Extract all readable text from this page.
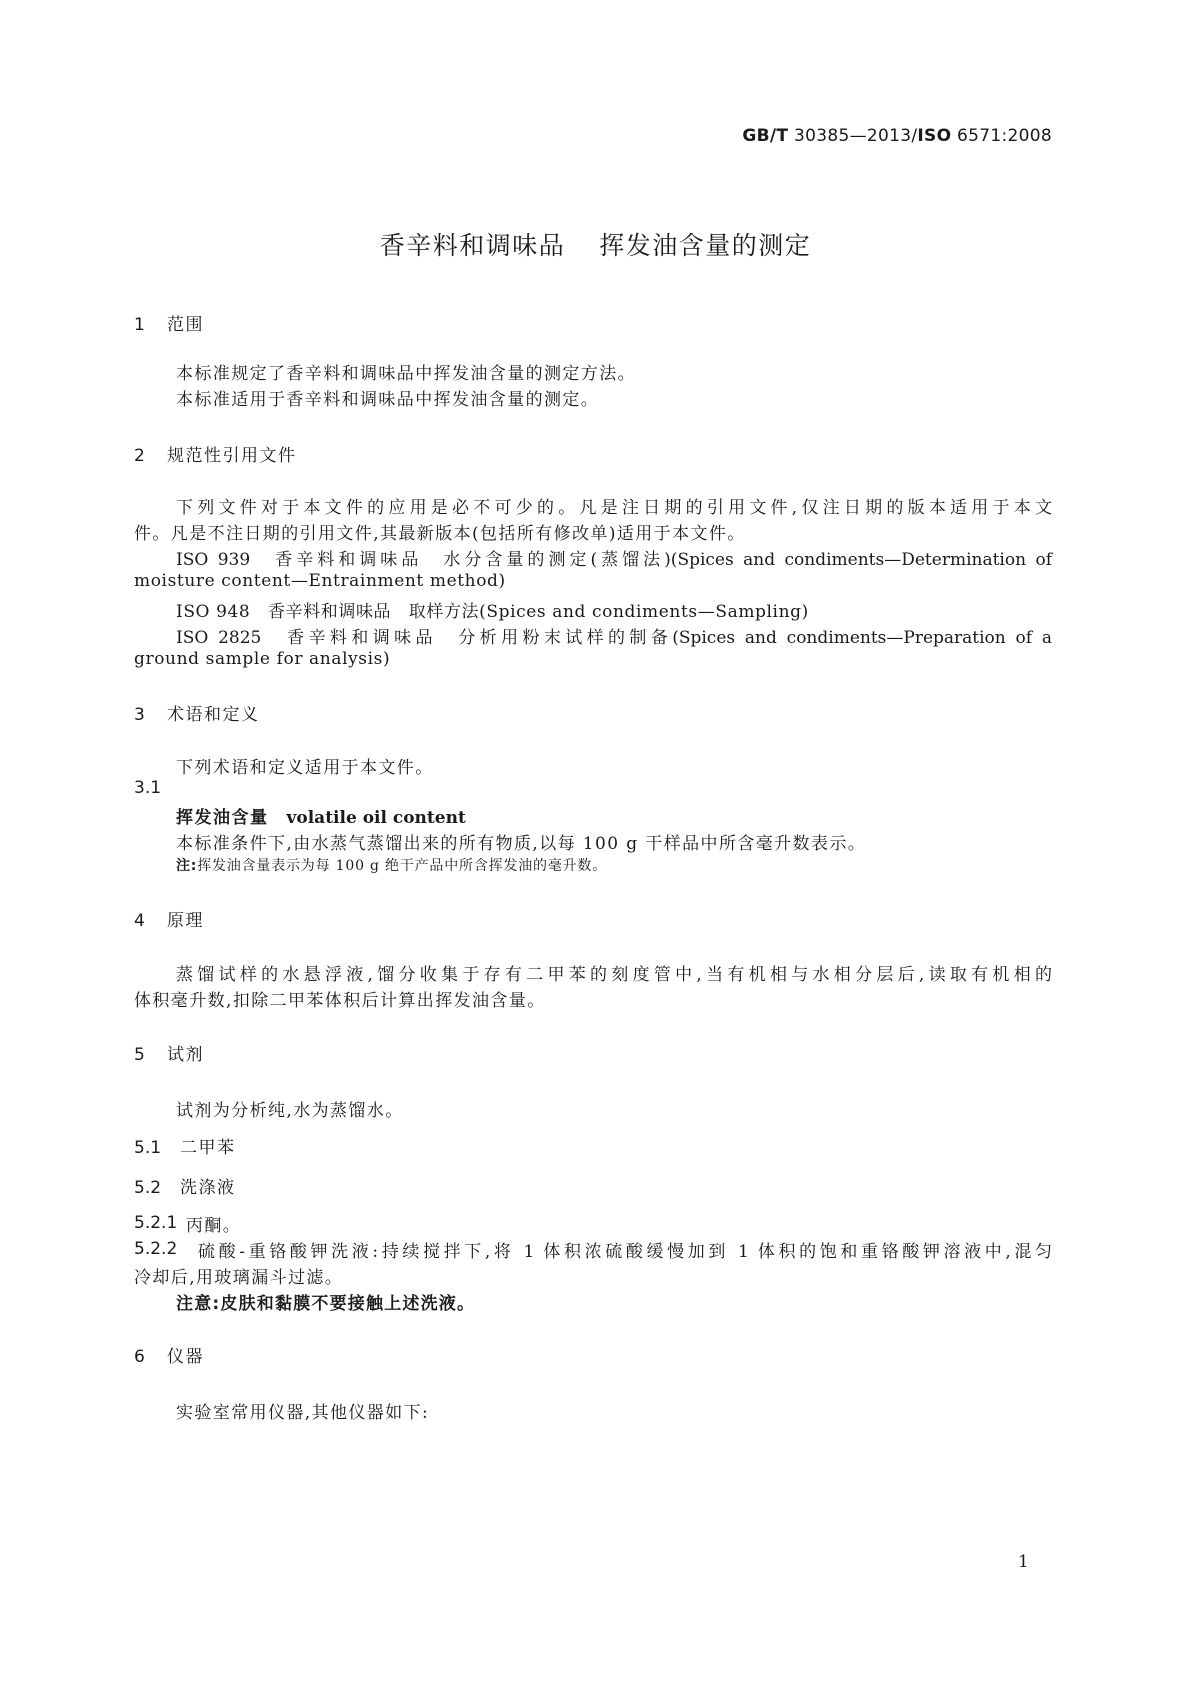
GB/T 30385—2013/ISO 6571:2008
香辛料和调味品 挥发油含量的测定
1 范围
本标准规定了香辛料和调味品中挥发油含量的测定方法。
本标准适用于香辛料和调味品中挥发油含量的测定。
2 规范性引用文件
下列文件对于本文件的应用是必不可少的。凡是注日期的引用文件,仅注日期的版本适用于本文
件。凡是不注日期的引用文件,其最新版本(包括所有修改单)适用于本文件。
ISO 939　香辛料和调味品　水分含量的测定(蒸馏法)(Spices and condiments—Determination of
moisture content—Entrainment method)
ISO 948　香辛料和调味品　取样方法(Spices and condiments—Sampling)
ISO 2825　香辛料和调味品　分析用粉末试样的制备(Spices and condiments—Preparation of a
ground sample for analysis)
3 术语和定义
下列术语和定义适用于本文件。
3.1
挥发油含量 volatile oil content
本标准条件下,由水蒸气蒸馏出来的所有物质,以每 100 g 干样品中所含毫升数表示。
注:挥发油含量表示为每 100 g 绝干产品中所含挥发油的毫升数。
4 原理
蒸馏试样的水悬浮液,馏分收集于存有二甲苯的刻度管中,当有机相与水相分层后,读取有机相的
体积毫升数,扣除二甲苯体积后计算出挥发油含量。
5 试剂
试剂为分析纯,水为蒸馏水。
5.1 二甲苯
5.2 洗涤液
5.2.1 丙酮。
5.2.2 硫酸-重铬酸钾洗液:持续搅拌下,将 1 体积浓硫酸缓慢加到 1 体积的饱和重铬酸钾溶液中,混匀
冷却后,用玻璃漏斗过滤。
注意:皮肤和黏膜不要接触上述洗液。
6 仪器
实验室常用仪器,其他仪器如下:
1
